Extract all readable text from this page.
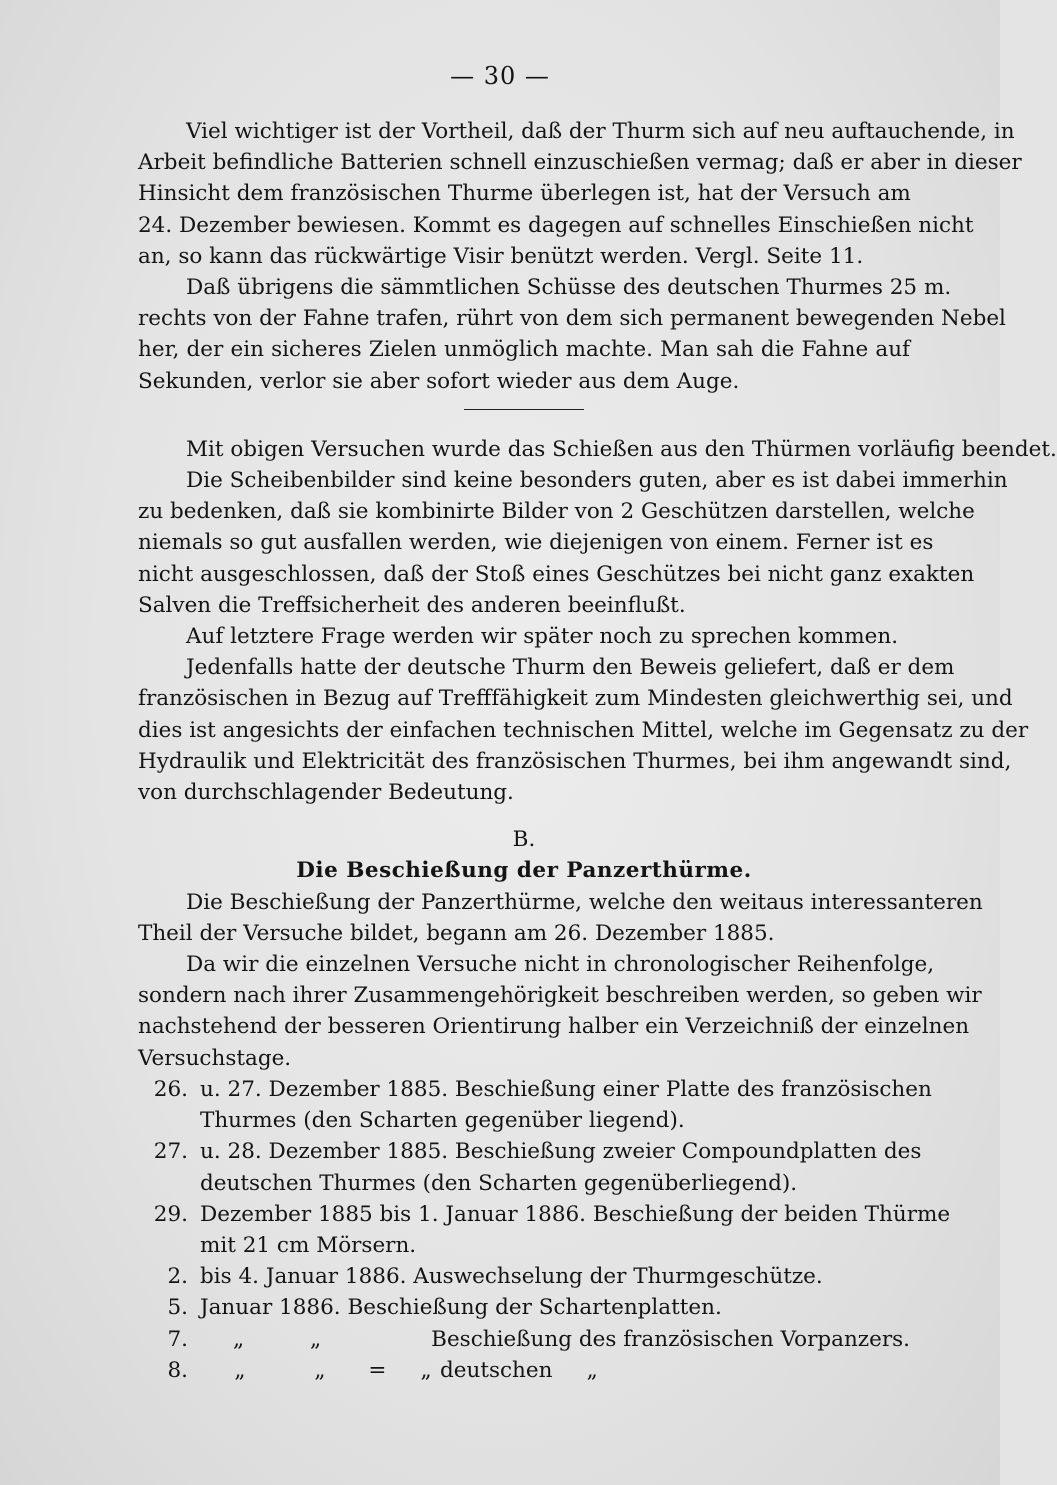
— 30 —
Viel wichtiger ist der Vortheil, daß der Thurm sich auf neu auftauchende, in
Arbeit befindliche Batterien schnell einzuschießen vermag; daß er aber in dieser
Hinsicht dem französischen Thurme überlegen ist, hat der Versuch am
24. Dezember bewiesen. Kommt es dagegen auf schnelles Einschießen nicht
an, so kann das rückwärtige Visir benützt werden. Vergl. Seite 11.
Daß übrigens die sämmtlichen Schüsse des deutschen Thurmes 25 m.
rechts von der Fahne trafen, rührt von dem sich permanent bewegenden Nebel
her, der ein sicheres Zielen unmöglich machte. Man sah die Fahne auf
Sekunden, verlor sie aber sofort wieder aus dem Auge.
Mit obigen Versuchen wurde das Schießen aus den Thürmen vorläufig beendet.
Die Scheibenbilder sind keine besonders guten, aber es ist dabei immerhin
zu bedenken, daß sie kombinirte Bilder von 2 Geschützen darstellen, welche
niemals so gut ausfallen werden, wie diejenigen von einem. Ferner ist es
nicht ausgeschlossen, daß der Stoß eines Geschützes bei nicht ganz exakten
Salven die Treffsicherheit des anderen beeinflußt.
Auf letztere Frage werden wir später noch zu sprechen kommen.
Jedenfalls hatte der deutsche Thurm den Beweis geliefert, daß er dem
französischen in Bezug auf Trefffähigkeit zum Mindesten gleichwerthig sei, und
dies ist angesichts der einfachen technischen Mittel, welche im Gegensatz zu der
Hydraulik und Elektricität des französischen Thurmes, bei ihm angewandt sind,
von durchschlagender Bedeutung.
B.
Die Beschießung der Panzerthürme.
Die Beschießung der Panzerthürme, welche den weitaus interessanteren
Theil der Versuche bildet, begann am 26. Dezember 1885.
Da wir die einzelnen Versuche nicht in chronologischer Reihenfolge,
sondern nach ihrer Zusammengehörigkeit beschreiben werden, so geben wir
nachstehend der besseren Orientirung halber ein Verzeichniß der einzelnen
Versuchstage.
26. u. 27. Dezember 1885. Beschießung einer Platte des französischen
Thurmes (den Scharten gegenüber liegend).
27. u. 28. Dezember 1885. Beschießung zweier Compoundplatten des
deutschen Thurmes (den Scharten gegenüberliegend).
29. Dezember 1885 bis 1. Januar 1886. Beschießung der beiden Thürme
mit 21 cm Mörsern.
2. bis 4. Januar 1886. Auswechselung der Thurmgeschütze.
5. Januar 1886. Beschießung der Schartenplatten.
7.	„	„	Beschießung des französischen Vorpanzers.
8.	„	„	=     „ deutschen     „
